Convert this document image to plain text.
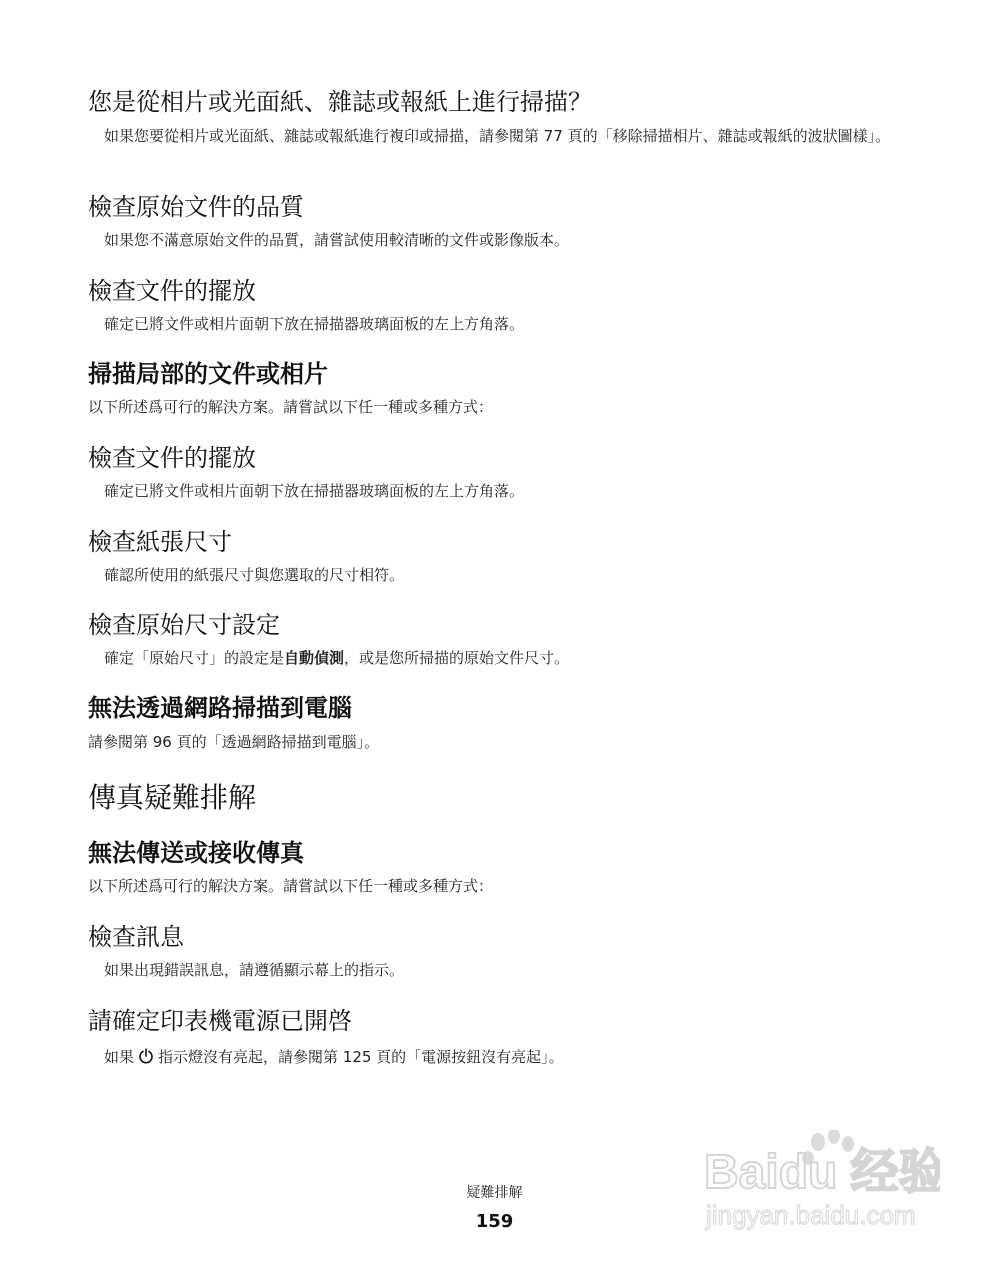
您是從相片或光面紙、雜誌或報紙上進行掃描？

如果您要從相片或光面紙、雜誌或報紙進行複印或掃描，請參閱第 77 頁的「移除掃描相片、雜誌或報紙的波狀圖樣」。

檢查原始文件的品質

如果您不滿意原始文件的品質，請嘗試使用較清晰的文件或影像版本。

檢查文件的擺放

確定已將文件或相片面朝下放在掃描器玻璃面板的左上方角落。

掃描局部的文件或相片

以下所述爲可行的解決方案。請嘗試以下任一種或多種方式：

檢查文件的擺放

確定已將文件或相片面朝下放在掃描器玻璃面板的左上方角落。

檢查紙張尺寸

確認所使用的紙張尺寸與您選取的尺寸相符。

檢查原始尺寸設定

確定「原始尺寸」的設定是自動偵測，或是您所掃描的原始文件尺寸。

無法透過網路掃描到電腦

請參閱第 96 頁的「透過網路掃描到電腦」。

傳真疑難排解
無法傳送或接收傳真

以下所述爲可行的解決方案。請嘗試以下任一種或多種方式：

檢查訊息

如果出現錯誤訊息，請遵循顯示幕上的指示。

請確定印表機電源已開啓

如果 指示燈沒有亮起，請參閱第 125 頁的「電源按鈕沒有亮起」。

疑難排解
159
Baidu 经验
jingyan.baidu.com
